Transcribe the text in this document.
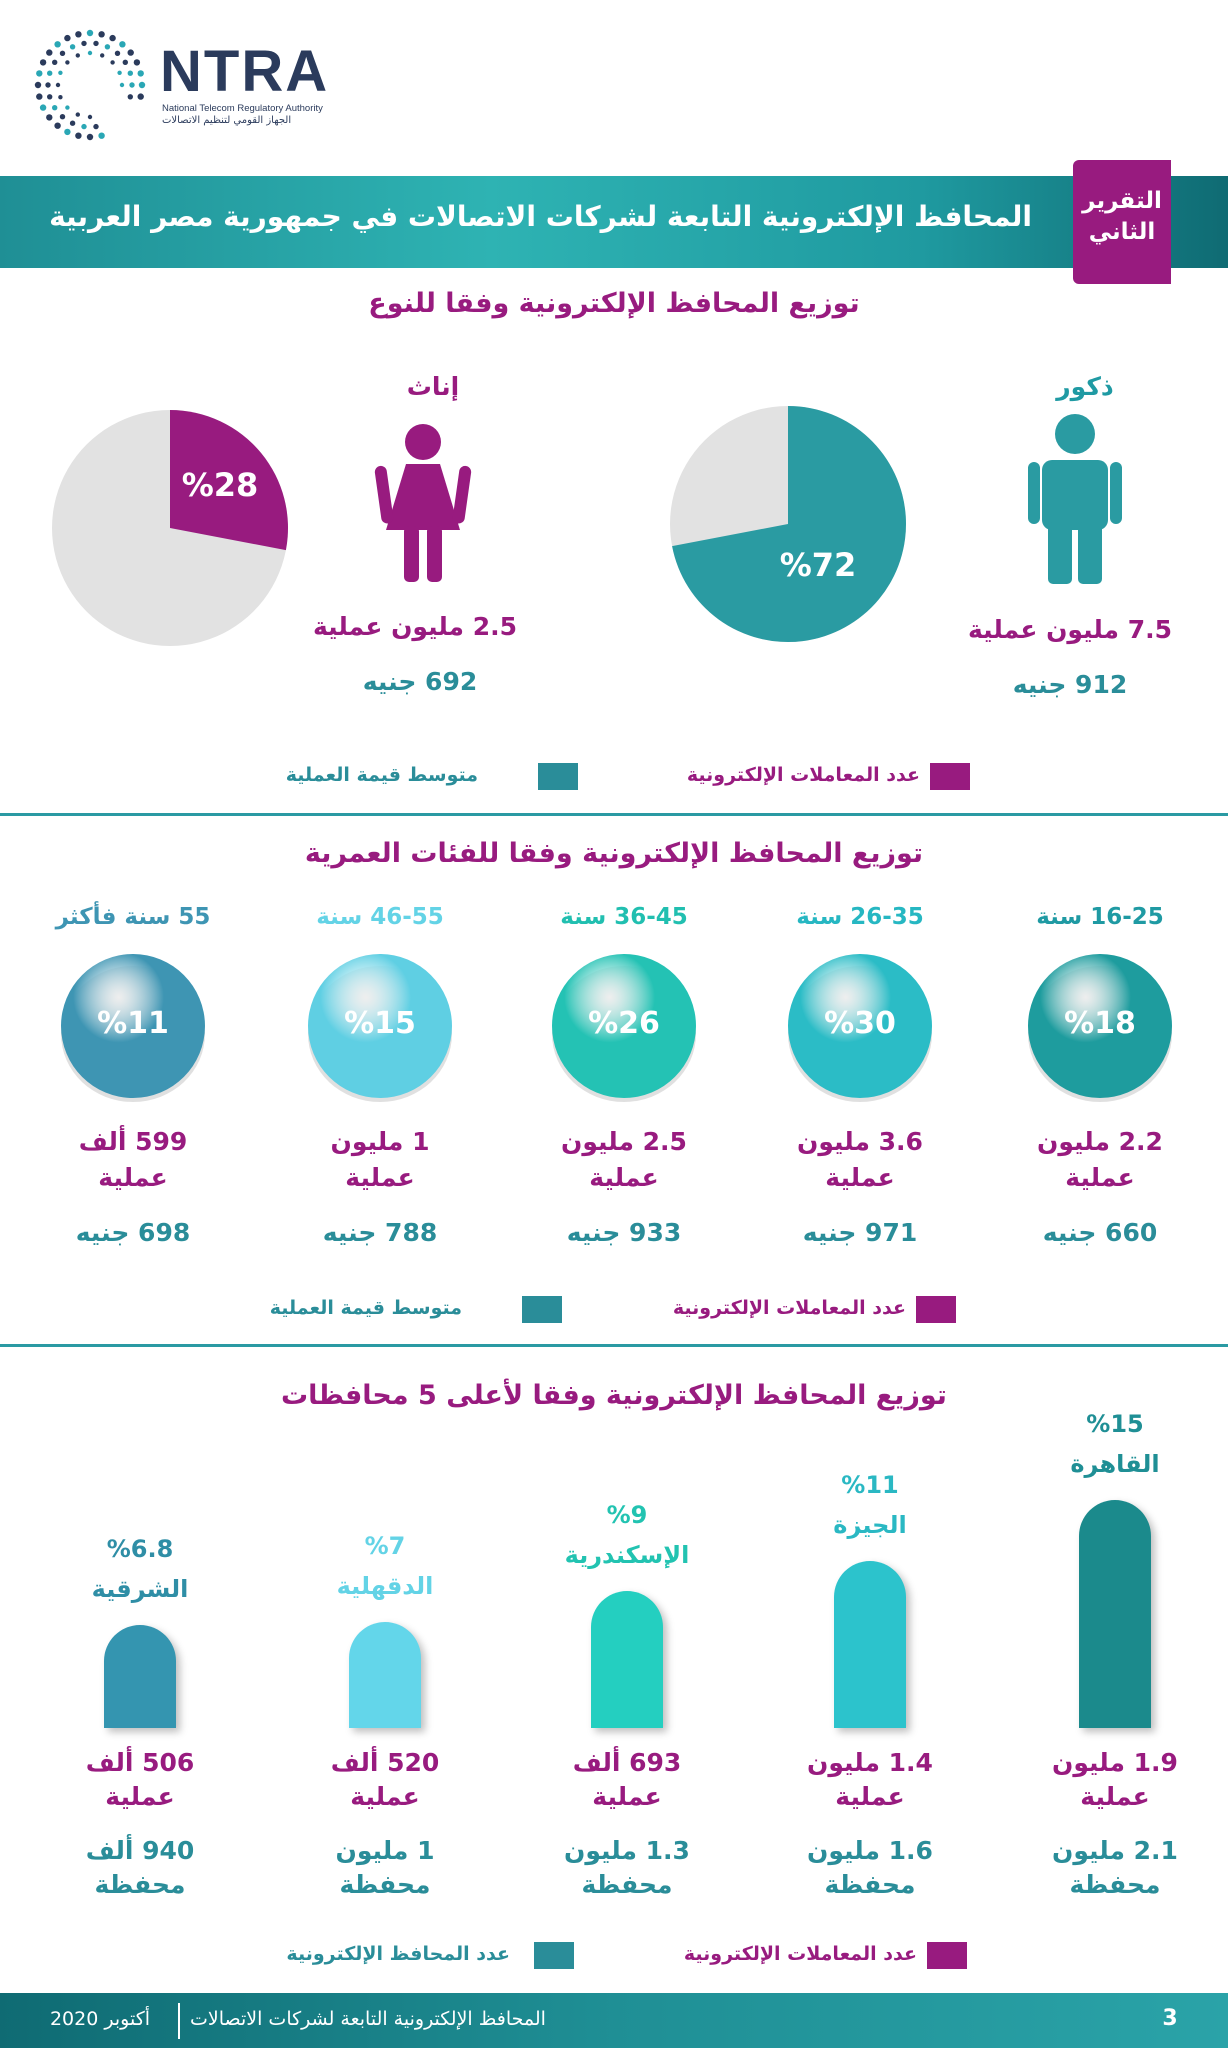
NTRA
National Telecom Regulatory Authority
الجهاز القومي لتنظيم الاتصالات
المحافظ الإلكترونية التابعة لشركات الاتصالات في جمهورية مصر العربية	التقرير
الثاني
توزيع المحافظ الإلكترونية وفقا للنوع
ذكور
7.5 مليون عملية
912 جنيه
%72
إناث
2.5 مليون عملية
692 جنيه
%28
عدد المعاملات الإلكترونية
متوسط قيمة العملية
توزيع المحافظ الإلكترونية وفقا للفئات العمرية
16-25 سنة
%18
2.2 مليون
عملية
660 جنيه
26-35 سنة
%30
3.6 مليون
عملية
971 جنيه
36-45 سنة
%26
2.5 مليون
عملية
933 جنيه
46-55 سنة
%15
1 مليون
عملية
788 جنيه
55 سنة فأكثر
%11
599 ألف
عملية
698 جنيه
عدد المعاملات الإلكترونية
متوسط قيمة العملية
توزيع المحافظ الإلكترونية وفقا لأعلى 5 محافظات
القاهرة
%15
1.9 مليون
عملية
2.1 مليون
محفظة
الجيزة
%11
1.4 مليون
عملية
1.6 مليون
محفظة
الإسكندرية
%9
693 ألف
عملية
1.3 مليون
محفظة
الدقهلية
%7
520 ألف
عملية
1 مليون
محفظة
الشرقية
%6.8
506 ألف
عملية
940 ألف
محفظة
عدد المعاملات الإلكترونية
عدد المحافظ الإلكترونية
3
المحافظ الإلكترونية التابعة لشركات الاتصالات
أكتوبر 2020
